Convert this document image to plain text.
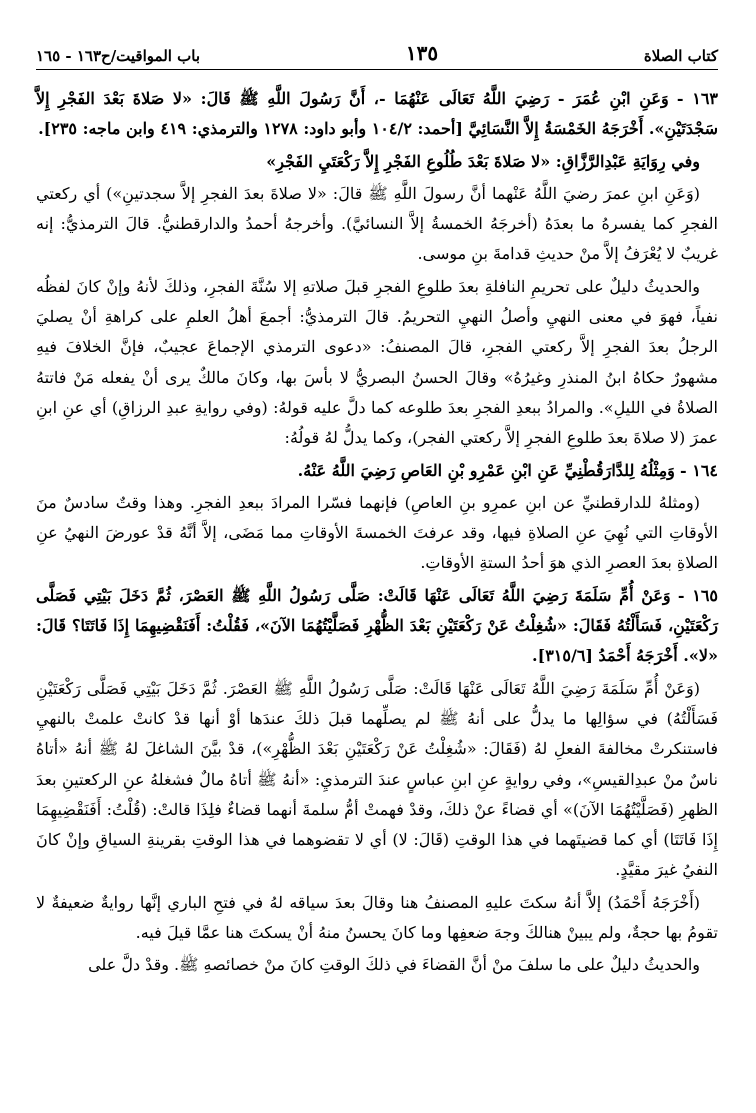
كتاب الصلاة
١٣٥
باب المواقيت/ح١٦٣ - ١٦٥

١٦٣ - وَعَنِ ابْنِ عُمَرَ - رَضِيَ اللَّهُ تَعَالَى عَنْهُمَا -، أَنَّ رَسُولَ اللَّهِ ﷺ قَالَ: «لا صَلاةَ بَعْدَ الفَجْرِ إِلاَّ سَجْدَتَيْنِ». أَخْرَجَهُ الخَمْسَةُ إِلاَّ النَّسَائِيَّ [أحمد: ١٠٤/٢ وأبو داود: ١٢٧٨ والترمذي: ٤١٩ وابن ماجه: ٢٣٥].

وفي رِوَايَةِ عَبْدِالرَّزَّاقِ: «لا صَلاةَ بَعْدَ طُلُوعِ الفَجْرِ إِلاَّ رَكْعَتَيِ الفَجْرِ»

(وَعَنِ ابنِ عمرَ رضيَ اللَّهُ عَنْهما أنَّ رسولَ اللَّهِ ﷺ قالَ: «لا صلاةَ بعدَ الفجرِ إلاَّ سجدتينِ») أي ركعتي الفجرِ كما يفسرهُ ما بعدَهُ (أخرجَهُ الخمسةُ إلاَّ النسائيَّ). وأخرجهُ أحمدُ والدارقطنيُّ. قالَ الترمذيُّ: إنه غريبٌ لا يُعْرَفُ إلاَّ منْ حديثِ قدامةَ بنِ موسى.

والحديثُ دليلٌ على تحريمِ النافلةِ بعدَ طلوعِ الفجرِ قبلَ صلاتهِ إلا سُنَّةَ الفجرِ، وذلكَ لأنهُ وإنْ كانَ لفظُه نفياً، فهوَ في معنى النهيِ وأصلُ النهيِ التحريمُ. قالَ الترمذيُّ: أجمعَ أهلُ العلمِ على كراهةِ أنْ يصليَ الرجلُ بعدَ الفجرِ إلاَّ ركعتي الفجرِ، قالَ المصنفُ: «دعوى الترمذي الإجماعَ عجيبٌ، فإنَّ الخلافَ فيهِ مشهورٌ حكاهُ ابنُ المنذرِ وغيرُهُ» وقالَ الحسنُ البصريُّ لا بأسَ بها، وكانَ مالكٌ يرى أنْ يفعله مَنْ فاتتهُ الصلاةُ في الليلِ». والمرادُ ببعدِ الفجرِ بعدَ طلوعه كما دلَّ عليه قولهُ: (وفي روايةِ عبدِ الرزاقِ) أي عنِ ابنِ عمرَ (لا صلاةَ بعدَ طلوعِ الفجرِ إلاَّ ركعتي الفجر)، وكما يدلُّ لهُ قولُهُ:

١٦٤ - وَمِثْلُهُ لِلدَّارَقُطْنِيِّ عَنِ ابْنِ عَمْرِو بْنِ العَاصِ رَضِيَ اللَّهُ عَنْهُ.

(ومثلهُ للدارقطنيِّ عن ابنِ عمرِو بنِ العاصِ) فإنهما فسّرا المرادَ ببعدِ الفجرِ. وهذا وقتٌ سادسٌ منَ الأوقاتِ التي نُهِيَ عنِ الصلاةِ فيها، وقد عرفتَ الخمسةَ الأوقاتِ مما مَضَى، إلاَّ أنَّهُ قدْ عورضَ النهيُ عنِ الصلاةِ بعدَ العصرِ الذي هوَ أحدُ الستةِ الأوقاتِ.

١٦٥ - وَعَنْ أُمِّ سَلَمَةَ رَضِيَ اللَّهُ تَعَالَى عَنْهَا قَالَتْ: صَلَّى رَسُولُ اللَّهِ ﷺ العَصْرَ، ثُمَّ دَخَلَ بَيْتِي فَصَلَّى رَكْعَتَيْنِ، فَسَأَلْتُهُ فَقَالَ: «شُغِلْتُ عَنْ رَكْعَتَيْنِ بَعْدَ الظُّهْرِ فَصَلَّيْتُهُمَا الآنَ»، فَقُلْتُ: أَفَنَقْضِيهِمَا إِذَا فَاتَتَا؟ قَالَ: «لا». أَخْرَجَهُ أَحْمَدُ [٣١٥/٦].

(وَعَنْ أُمِّ سَلَمَةَ رَضِيَ اللَّهُ تَعَالَى عَنْهَا قَالَتْ: صَلَّى رَسُولُ اللَّهِ ﷺ العَصْرَ. ثُمَّ دَخَلَ بَيْتِي فَصَلَّى رَكْعَتَيْنِ فَسَأَلْتُهُ) في سؤالِها ما يدلُّ على أنهُ ﷺ لم يصلِّهما قبلَ ذلكَ عندَها أوْ أنها قدْ كانتْ علمتْ بالنهيِ فاستنكرتْ مخالفةَ الفعلِ لهُ (فَقَالَ: «شُغِلْتُ عَنْ رَكْعَتَيْنِ بَعْدَ الظُّهْرِ»)، قدْ بيَّنَ الشاغلَ لهُ ﷺ أنهُ «أتاهُ ناسٌ منْ عبدِالقيسِ»، وفي روايةٍ عنِ ابنِ عباسٍ عندَ الترمذيِ: «أنهُ ﷺ أتاهُ مالٌ فشغلهُ عنِ الركعتينِ بعدَ الظهرِ (فَصَلَّيْتُهُمَا الآنَ)» أي قضاءً عنْ ذلكَ، وقدْ فهمتْ أمُّ سلمةَ أنهما قضاءٌ فلِذَا قالتْ: (قُلْتُ: أَفَنَقْضِيهِمَا إِذَا فَاتَتَا) أي كما قضيتَهما في هذا الوقتِ (قَالَ: لا) أي لا تقضوهما في هذا الوقتِ بقرينةِ السياقِ وإنْ كانَ النفيُ غيرَ مقيَّدٍ.

(أَخْرَجَهُ أَحْمَدُ) إلاَّ أنهُ سكتَ عليهِ المصنفُ هنا وقالَ بعدَ سياقه لهُ في فتحِ الباري إنَّها روايةٌ ضعيفةٌ لا تقومُ بها حجةٌ، ولم يبينْ هنالكَ وجهَ ضعفِها وما كانَ يحسنُ منهُ أنْ يسكتَ هنا عمَّا قيلَ فيه.

والحديثُ دليلٌ على ما سلفَ منْ أنَّ القضاءَ في ذلكَ الوقتِ كانَ منْ خصائصهِ ﷺ. وقدْ دلَّ على
